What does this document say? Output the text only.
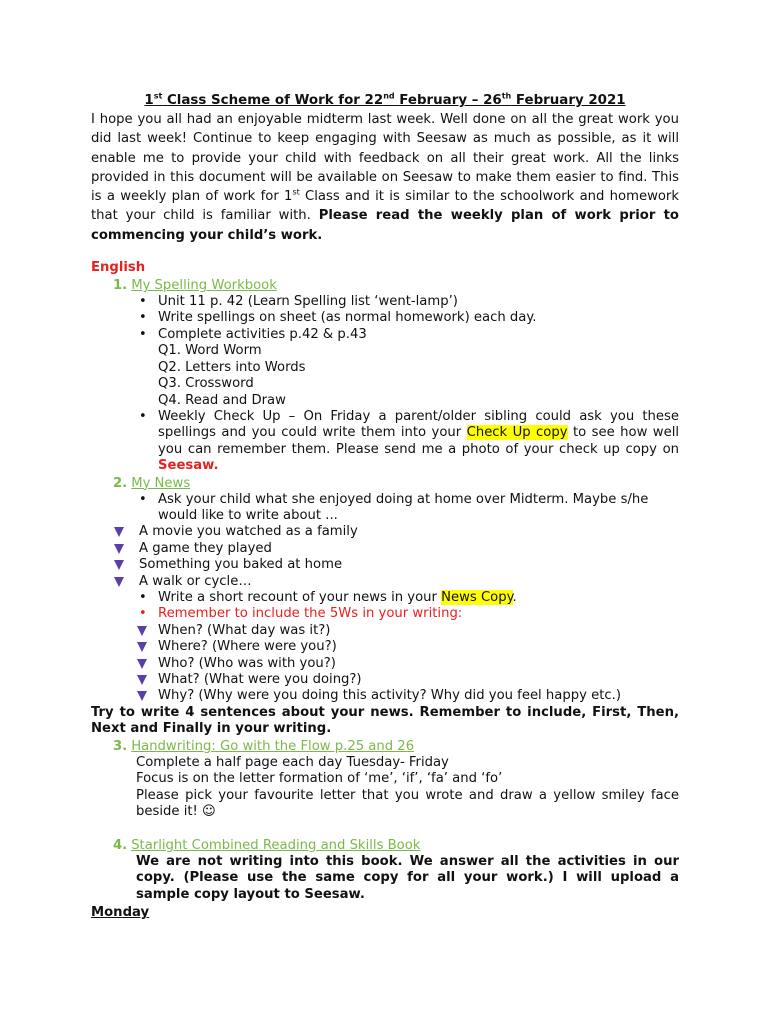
1st Class Scheme of Work for 22nd February – 26th February 2021
I hope you all had an enjoyable midterm last week. Well done on all the great work you did last week! Continue to keep engaging with Seesaw as much as possible, as it will enable me to provide your child with feedback on all their great work. All the links provided in this document will be available on Seesaw to make them easier to find. This is a weekly plan of work for 1st Class and it is similar to the schoolwork and homework that your child is familiar with. Please read the weekly plan of work prior to commencing your child’s work.
English
1. My Spelling Workbook
• Unit 11 p. 42 (Learn Spelling list ‘went-lamp’)
• Write spellings on sheet (as normal homework) each day.
• Complete activities p.42 & p.43
Q1. Word Worm
Q2. Letters into Words
Q3. Crossword
Q4. Read and Draw
• Weekly Check Up – On Friday a parent/older sibling could ask you these spellings and you could write them into your Check Up copy to see how well you can remember them. Please send me a photo of your check up copy on Seesaw.
2. My News
• Ask your child what she enjoyed doing at home over Midterm. Maybe s/he would like to write about ...
A movie you watched as a family
A game they played
Something you baked at home
A walk or cycle…
• Write a short recount of your news in your News Copy.
• Remember to include the 5Ws in your writing:
When? (What day was it?)
Where? (Where were you?)
Who? (Who was with you?)
What? (What were you doing?)
Why? (Why were you doing this activity? Why did you feel happy etc.)
Try to write 4 sentences about your news. Remember to include, First, Then, Next and Finally in your writing.
3. Handwriting: Go with the Flow p.25 and 26
Complete a half page each day Tuesday- Friday
Focus is on the letter formation of ‘me’, ‘if’, ‘fa’ and ‘fo’
Please pick your favourite letter that you wrote and draw a yellow smiley face beside it! ☺
4. Starlight Combined Reading and Skills Book
We are not writing into this book. We answer all the activities in our copy. (Please use the same copy for all your work.) I will upload a sample copy layout to Seesaw.
Monday
